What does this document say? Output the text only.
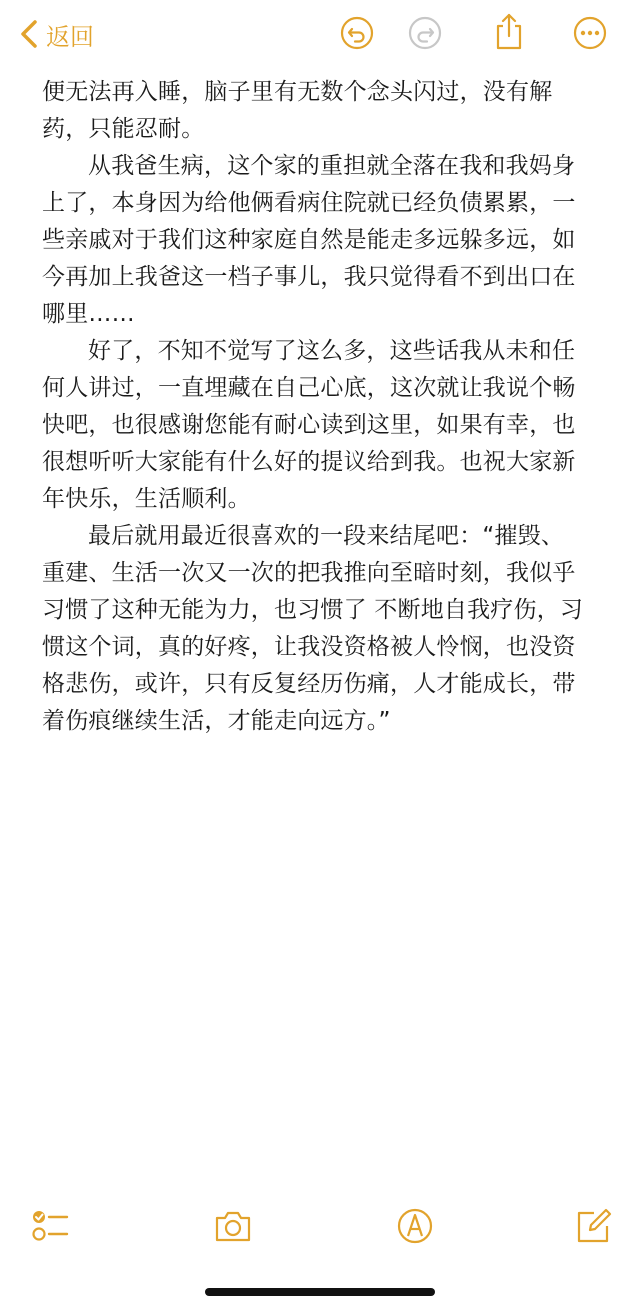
返回

便无法再入睡，脑子里有无数个念头闪过，没有解药，只能忍耐。

从我爸生病，这个家的重担就全落在我和我妈身上了，本身因为给他俩看病住院就已经负债累累，一些亲戚对于我们这种家庭自然是能走多远躲多远，如今再加上我爸这一档子事儿，我只觉得看不到出口在哪里……

好了，不知不觉写了这么多，这些话我从未和任何人讲过，一直埋藏在自己心底，这次就让我说个畅快吧，也很感谢您能有耐心读到这里，如果有幸，也很想听听大家能有什么好的提议给到我。也祝大家新年快乐，生活顺利。

最后就用最近很喜欢的一段来结尾吧：“摧毁、重建、生活一次又一次的把我推向至暗时刻，我似乎习惯了这种无能为力，也习惯了 不断地自我疗伤，习惯这个词，真的好疼，让我没资格被人怜悯，也没资格悲伤，或许，只有反复经历伤痛，人才能成长，带着伤痕继续生活，才能走向远方。”
